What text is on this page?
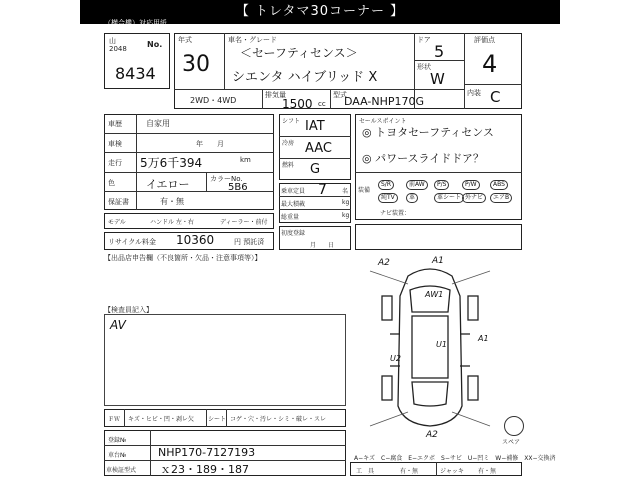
【 トレタマ30コーナー 】
（横合機）対応用紙
山
2048	No.
8434
年式
30
車名・グレード
＜セーフティセンス＞
シエンタ ハイブリッド X
ドア
5
形状
W
評価点
4
内装 C
2WD・4WD
排気量
1500 cc
型式
DAA-NHP170G
車歴	自家用
車検	年　　月
走行 5万6千394	km
色	イエロー	カラーNo.
5B6
保証書	有・無
モデル	ハンドル 左・右	ディーラー・前付
リサイクル料金 10360	円 預託済
【出品店申告欄（不良箇所・欠品・注意事項等）】
シフト IAT
冷房 AAC
燃料 G
乗車定員 7	名
最大積載	kg
総重量	kg
初度登録
月　　日
セールスポイント
◎ トヨタセーフティセンス
◎ パワースライドドア？
装備
S/R	前AW	P/S	P/W	ABS
純TV	革	革シート 外ナビ	エアB
ナビ装置：
【検査員記入】
AV
A2	A1
AW1
U1
A1
U2
A2
スペア
ＦＷ キズ・ヒビ・凹・剥レ欠 シート コゲ・穴・汚レ・シミ・破レ・スレ
登録№
車台№	NHP170-7127193
車検証型式 ｘ23・189・187
A−キズ　C−腐食　E−エクボ　S−サビ　U−凹ミ　W−補修　XX−交換済
工　具	有・無	ジャッキ 有・無
